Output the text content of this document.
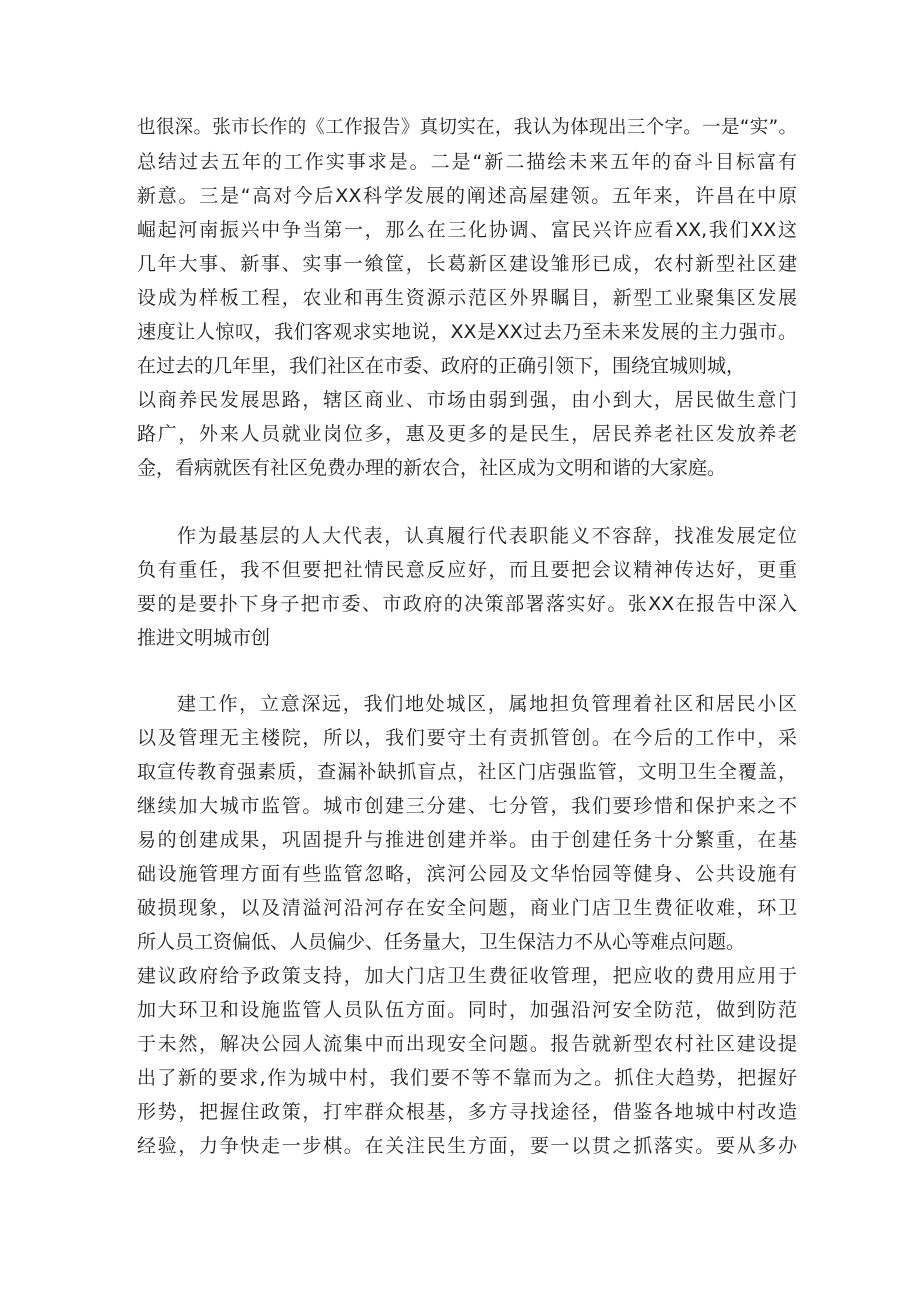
也很深。张市长作的《工作报告》真切实在，我认为体现出三个字。一是“实”。
总结过去五年的工作实事求是。二是“新二描绘未来五年的奋斗目标富有
新意。三是“高对今后XX科学发展的阐述高屋建领。五年来，许昌在中原
崛起河南振兴中争当第一，那么在三化协调、富民兴许应看XX,我们XX这
几年大事、新事、实事一飨筐，长葛新区建设雏形已成，农村新型社区建
设成为样板工程，农业和再生资源示范区外界瞩目，新型工业聚集区发展
速度让人惊叹，我们客观求实地说，XX是XX过去乃至未来发展的主力强市。
在过去的几年里，我们社区在市委、政府的正确引领下，围绕宜城则城，
以商养民发展思路，辖区商业、市场由弱到强，由小到大，居民做生意门
路广，外来人员就业岗位多，惠及更多的是民生，居民养老社区发放养老
金，看病就医有社区免费办理的新农合，社区成为文明和谐的大家庭。
作为最基层的人大代表，认真履行代表职能义不容辞，找准发展定位
负有重任，我不但要把社情民意反应好，而且要把会议精神传达好，更重
要的是要扑下身子把市委、市政府的决策部署落实好。张XX在报告中深入
推进文明城市创
建工作，立意深远，我们地处城区，属地担负管理着社区和居民小区
以及管理无主楼院，所以，我们要守土有责抓管创。在今后的工作中，采
取宣传教育强素质，查漏补缺抓盲点，社区门店强监管，文明卫生全覆盖，
继续加大城市监管。城市创建三分建、七分管，我们要珍惜和保护来之不
易的创建成果，巩固提升与推进创建并举。由于创建任务十分繁重，在基
础设施管理方面有些监管忽略，滨河公园及文华怡园等健身、公共设施有
破损现象，以及清溢河沿河存在安全问题，商业门店卫生费征收难，环卫
所人员工资偏低、人员偏少、任务量大，卫生保洁力不从心等难点问题。
建议政府给予政策支持，加大门店卫生费征收管理，把应收的费用应用于
加大环卫和设施监管人员队伍方面。同时，加强沿河安全防范，做到防范
于未然，解决公园人流集中而出现安全问题。报告就新型农村社区建设提
出了新的要求,作为城中村，我们要不等不靠而为之。抓住大趋势，把握好
形势，把握住政策，打牢群众根基，多方寻找途径，借鉴各地城中村改造
经验，力争快走一步棋。在关注民生方面，要一以贯之抓落实。要从多办
